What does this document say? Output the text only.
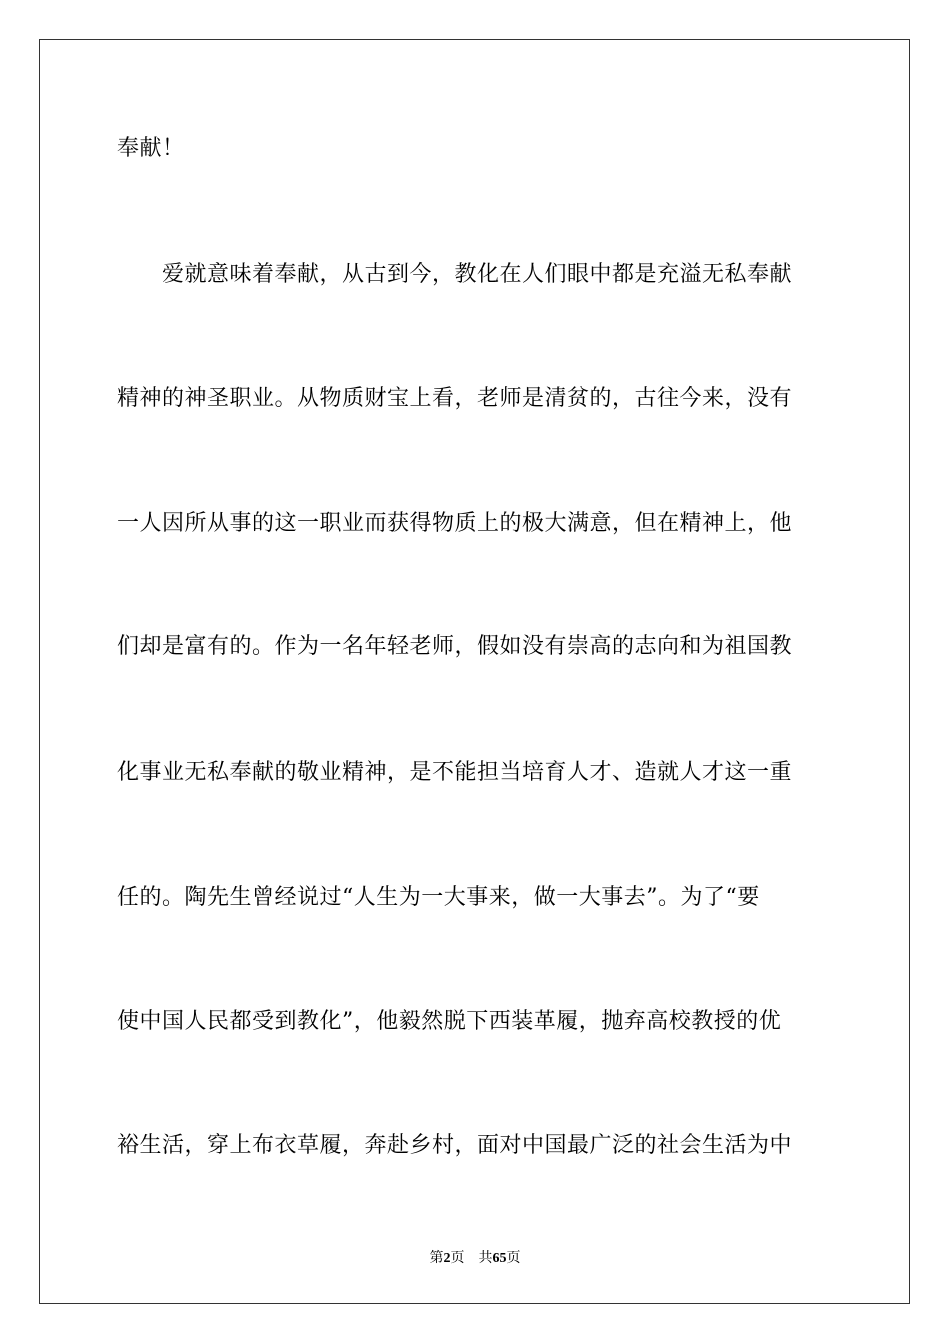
奉献！
　　爱就意味着奉献，从古到今，教化在人们眼中都是充溢无私奉献
精神的神圣职业。从物质财宝上看，老师是清贫的，古往今来，没有
一人因所从事的这一职业而获得物质上的极大满意，但在精神上，他
们却是富有的。作为一名年轻老师，假如没有崇高的志向和为祖国教
化事业无私奉献的敬业精神，是不能担当培育人才、造就人才这一重
任的。陶先生曾经说过“人生为一大事来，做一大事去”。为了“要
使中国人民都受到教化”，他毅然脱下西装革履，抛弃高校教授的优
裕生活，穿上布衣草履，奔赴乡村，面对中国最广泛的社会生活为中
第2页 共65页
